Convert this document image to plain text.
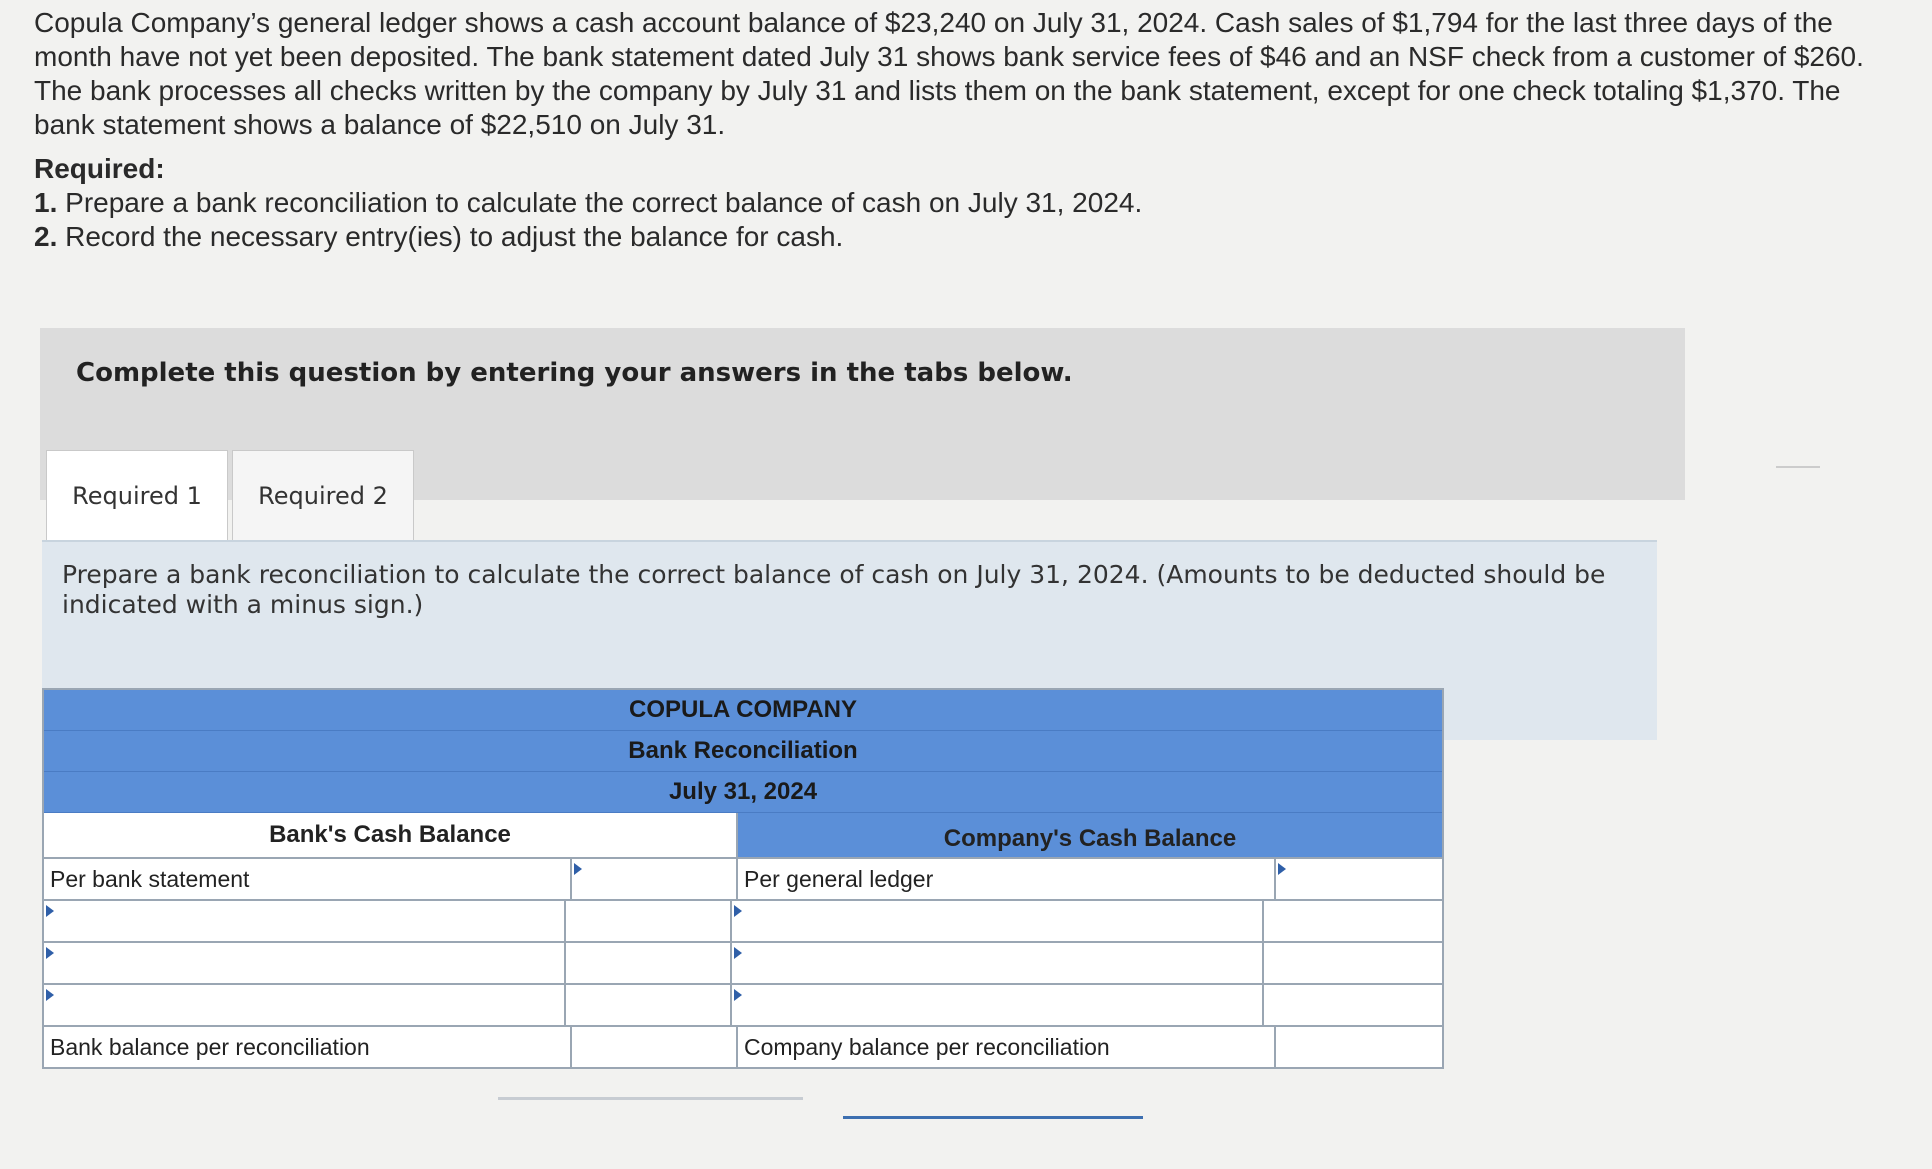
Copula Company’s general ledger shows a cash account balance of $23,240 on July 31, 2024. Cash sales of $1,794 for the last three days of the month have not yet been deposited. The bank statement dated July 31 shows bank service fees of $46 and an NSF check from a customer of $260. The bank processes all checks written by the company by July 31 and lists them on the bank statement, except for one check totaling $1,370. The bank statement shows a balance of $22,510 on July 31.

Required:

1. Prepare a bank reconciliation to calculate the correct balance of cash on July 31, 2024.

2. Record the necessary entry(ies) to adjust the balance for cash.

Complete this question by entering your answers in the tabs below.
Required 1	Required 2
Prepare a bank reconciliation to calculate the correct balance of cash on July 31, 2024. (Amounts to be deducted should be indicated with a minus sign.)
COPULA COMPANY
Bank Reconciliation
July 31, 2024
Bank's Cash Balance	Company's Cash Balance
Per bank statement	Per general ledger
Bank balance per reconciliation	Company balance per reconciliation
